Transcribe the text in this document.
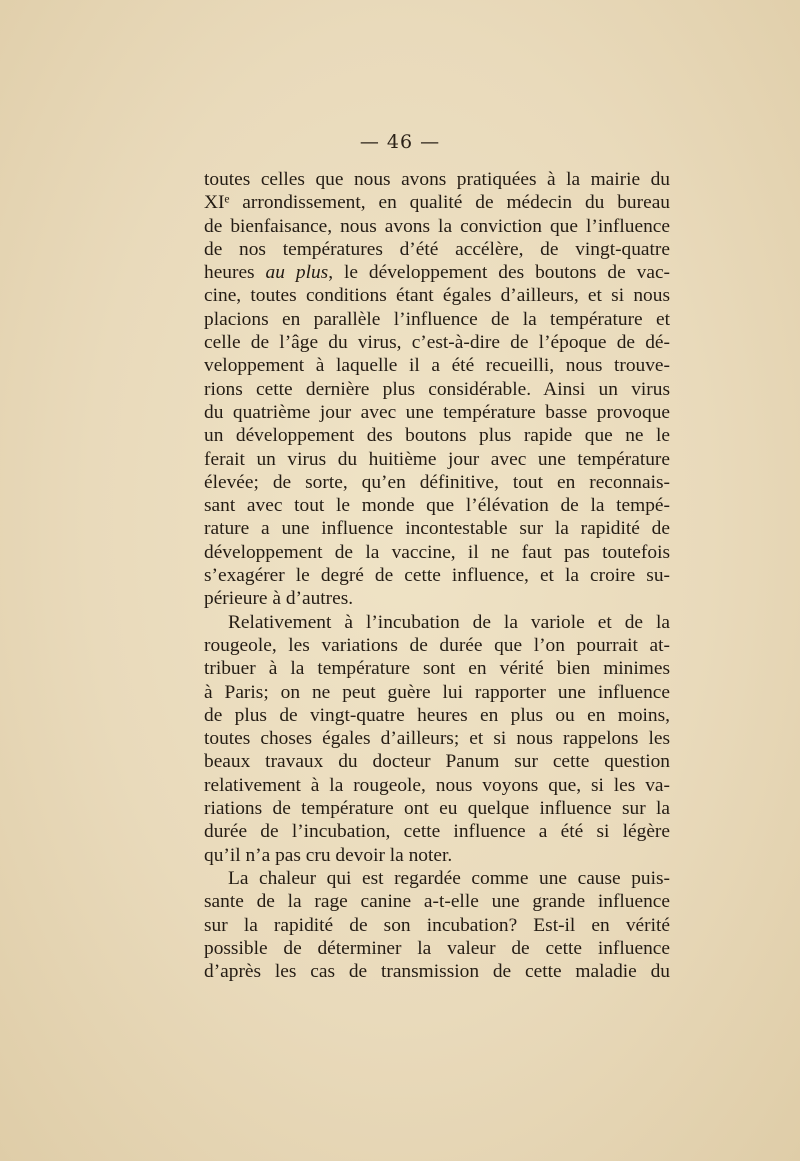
— 46 —
toutes celles que nous avons pratiquées à la mairie du
XIᵉ arrondissement, en qualité de médecin du bureau
de bienfaisance, nous avons la conviction que l’influence
de nos températures d’été accélère, de vingt-quatre
heures au plus, le développement des boutons de vac-
cine, toutes conditions étant égales d’ailleurs, et si nous
placions en parallèle l’influence de la température et
celle de l’âge du virus, c’est-à-dire de l’époque de dé-
veloppement à laquelle il a été recueilli, nous trouve-
rions cette dernière plus considérable. Ainsi un virus
du quatrième jour avec une température basse provoque
un développement des boutons plus rapide que ne le
ferait un virus du huitième jour avec une température
élevée; de sorte, qu’en définitive, tout en reconnais-
sant avec tout le monde que l’élévation de la tempé-
rature a une influence incontestable sur la rapidité de
développement de la vaccine, il ne faut pas toutefois
s’exagérer le degré de cette influence, et la croire su-
périeure à d’autres.
Relativement à l’incubation de la variole et de la
rougeole, les variations de durée que l’on pourrait at-
tribuer à la température sont en vérité bien minimes
à Paris; on ne peut guère lui rapporter une influence
de plus de vingt-quatre heures en plus ou en moins,
toutes choses égales d’ailleurs; et si nous rappelons les
beaux travaux du docteur Panum sur cette question
relativement à la rougeole, nous voyons que, si les va-
riations de température ont eu quelque influence sur la
durée de l’incubation, cette influence a été si légère
qu’il n’a pas cru devoir la noter.
La chaleur qui est regardée comme une cause puis-
sante de la rage canine a-t-elle une grande influence
sur la rapidité de son incubation? Est-il en vérité
possible de déterminer la valeur de cette influence
d’après les cas de transmission de cette maladie du
